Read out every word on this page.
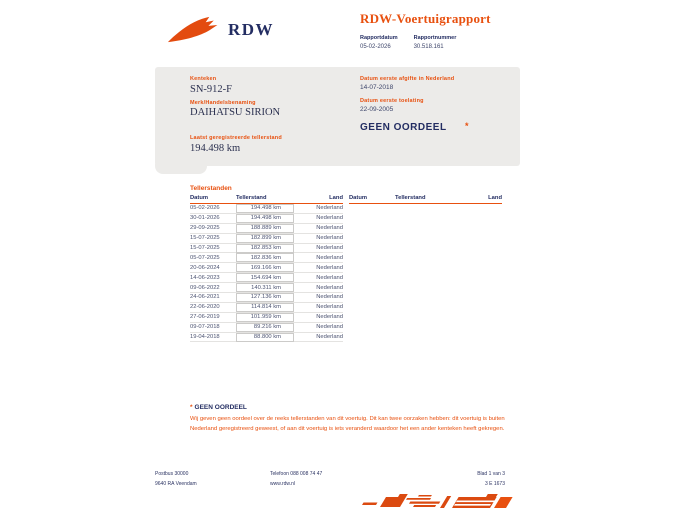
RDW
RDW-Voertuigrapport
Rapportdatum
05-02-2026
Rapportnummer
30.518.161
Kenteken
SN-912-F
Merk/Handelsbenaming
DAIHATSU SIRION
Laatst geregistreerde tellerstand
194.498 km
Datum eerste afgifte in Nederland
14-07-2018
Datum eerste toelating
22-09-2005
GEEN OORDEEL	*
Tellerstanden
Datum	Tellerstand	Land
05-02-2026	194.498 km	Nederland
30-01-2026	194.498 km	Nederland
29-09-2025	188.889 km	Nederland
15-07-2025	182.899 km	Nederland
15-07-2025	182.853 km	Nederland
05-07-2025	182.836 km	Nederland
20-06-2024	169.166 km	Nederland
14-06-2023	154.694 km	Nederland
09-06-2022	140.311 km	Nederland
24-06-2021	127.136 km	Nederland
22-06-2020	114.814 km	Nederland
27-06-2019	101.959 km	Nederland
09-07-2018	89.216 km	Nederland
19-04-2018	88.800 km	Nederland
Datum	Tellerstand	Land
* GEEN OORDEEL
Wij geven geen oordeel over de reeks tellerstanden van dit voertuig. Dit kan twee oorzaken hebben: dit voertuig is buiten Nederland geregistreerd geweest, of aan dit voertuig is iets veranderd waardoor het een ander kenteken heeft gekregen.
Postbus 30000
9640 RA Veendam
Telefoon 088 008 74 47
www.rdw.nl
Blad 1 van 3
3 E 1673
